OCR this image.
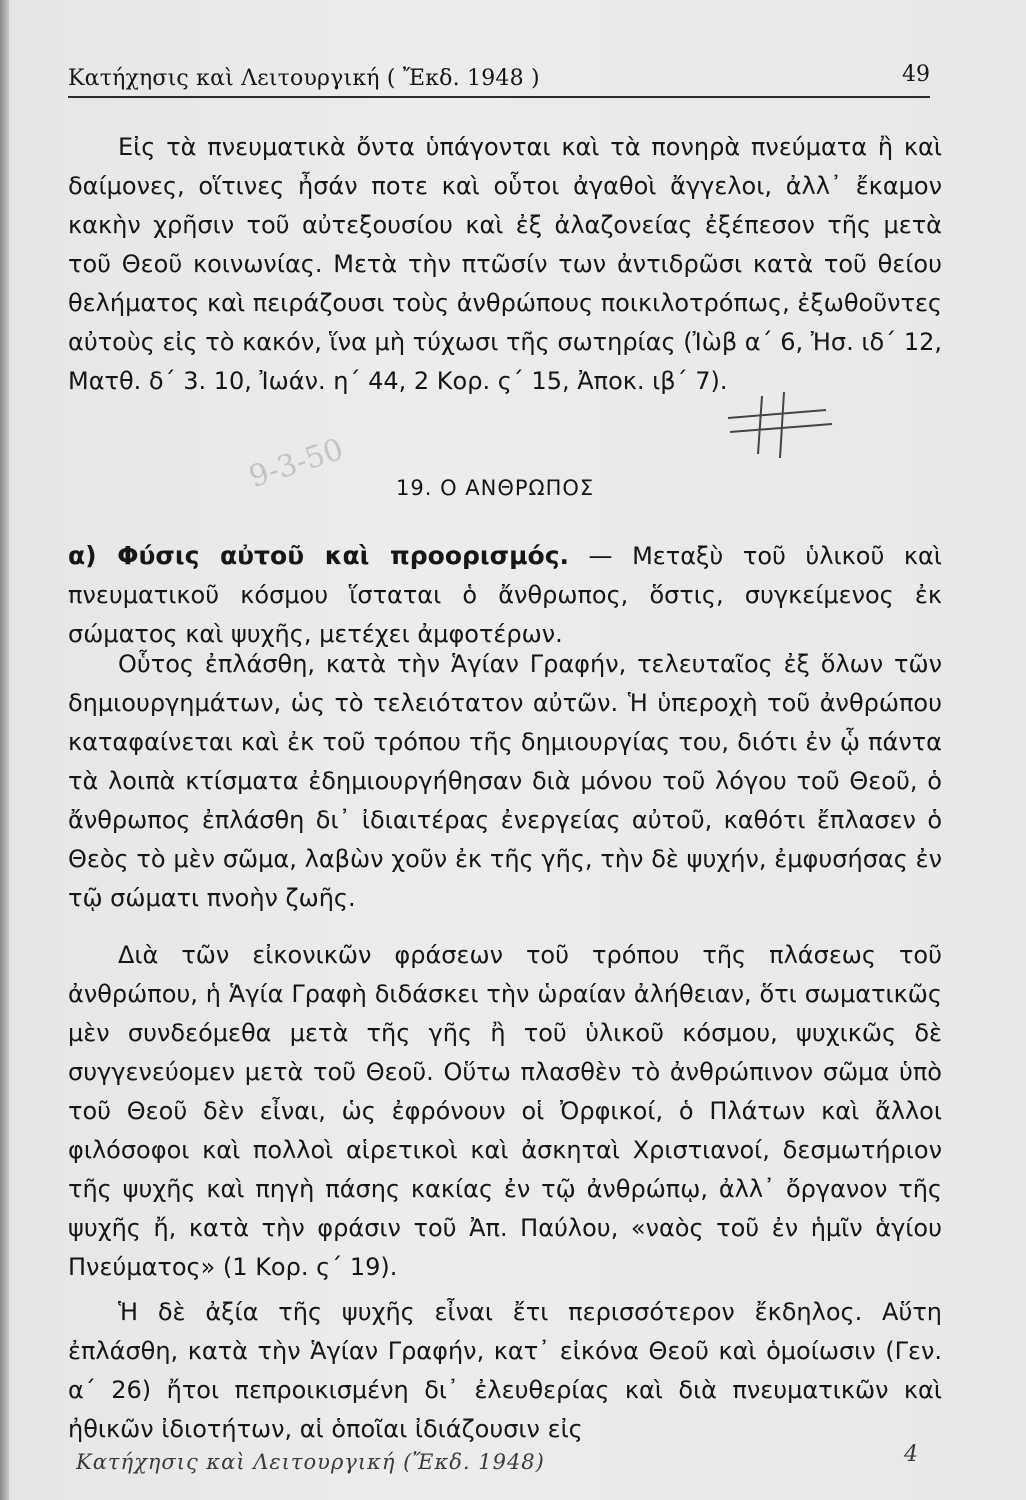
Κατήχησις καὶ Λειτουργική ( Ἔκδ. 1948 )	49
Εἰς τὰ πνευματικὰ ὄντα ὑπάγονται καὶ τὰ πονηρὰ πνεύματα ἢ καὶ δαίμονες, οἵτινες ἦσάν ποτε καὶ οὗτοι ἀγαθοὶ ἄγγελοι, ἀλλ᾽ ἔκαμον κακὴν χρῆσιν τοῦ αὐτεξουσίου καὶ ἐξ ἀλαζονείας ἐξέπεσον τῆς μετὰ τοῦ Θεοῦ κοινωνίας. Μετὰ τὴν πτῶσίν των ἀντιδρῶσι κατὰ τοῦ θείου θελήματος καὶ πειράζουσι τοὺς ἀνθρώπους ποικιλοτρόπως, ἐξωθοῦντες αὐτοὺς εἰς τὸ κακόν, ἵνα μὴ τύχωσι τῆς σωτηρίας (Ἰὼβ α΄ 6, Ἠσ. ιδ΄ 12, Ματθ. δ΄ 3. 10, Ἰωάν. η΄ 44, 2 Κορ. ς΄ 15, Ἀποκ. ιβ΄ 7).
9-3-50 19. Ο ΑΝΘΡΩΠΟΣ
α) Φύσις αὐτοῦ καὶ προορισμός. — Μεταξὺ τοῦ ὑλικοῦ καὶ πνευματικοῦ κόσμου ἵσταται ὁ ἄνθρωπος, ὅστις, συγκείμενος ἐκ σώματος καὶ ψυχῆς, μετέχει ἀμφοτέρων.
Οὗτος ἐπλάσθη, κατὰ τὴν Ἁγίαν Γραφήν, τελευταῖος ἐξ ὅλων τῶν δημιουργημάτων, ὡς τὸ τελειότατον αὐτῶν. Ἡ ὑπεροχὴ τοῦ ἀνθρώπου καταφαίνεται καὶ ἐκ τοῦ τρόπου τῆς δημιουργίας του, διότι ἐν ᾧ πάντα τὰ λοιπὰ κτίσματα ἐδημιουργήθησαν διὰ μόνου τοῦ λόγου τοῦ Θεοῦ, ὁ ἄνθρωπος ἐπλάσθη δι᾽ ἰδιαιτέρας ἐνεργείας αὐτοῦ, καθότι ἔπλασεν ὁ Θεὸς τὸ μὲν σῶμα, λαβὼν χοῦν ἐκ τῆς γῆς, τὴν δὲ ψυχήν, ἐμφυσήσας ἐν τῷ σώματι πνοὴν ζωῆς.
Διὰ τῶν εἰκονικῶν φράσεων τοῦ τρόπου τῆς πλάσεως τοῦ ἀνθρώπου, ἡ Ἁγία Γραφὴ διδάσκει τὴν ὡραίαν ἀλήθειαν, ὅτι σωματικῶς μὲν συνδεόμεθα μετὰ τῆς γῆς ἢ τοῦ ὑλικοῦ κόσμου, ψυχικῶς δὲ συγγενεύομεν μετὰ τοῦ Θεοῦ. Οὕτω πλασθὲν τὸ ἀνθρώπινον σῶμα ὑπὸ τοῦ Θεοῦ δὲν εἶναι, ὡς ἐφρόνουν οἱ Ὀρφικοί, ὁ Πλάτων καὶ ἄλλοι φιλόσοφοι καὶ πολλοὶ αἱρετικοὶ καὶ ἀσκηταὶ Χριστιανοί, δεσμωτήριον τῆς ψυχῆς καὶ πηγὴ πάσης κακίας ἐν τῷ ἀνθρώπῳ, ἀλλ᾽ ὄργανον τῆς ψυχῆς ἤ, κατὰ τὴν φράσιν τοῦ Ἀπ. Παύλου, «ναὸς τοῦ ἐν ἡμῖν ἁγίου Πνεύματος» (1 Κορ. ς΄ 19).
Ἡ δὲ ἀξία τῆς ψυχῆς εἶναι ἔτι περισσότερον ἔκδηλος. Αὕτη ἐπλάσθη, κατὰ τὴν Ἁγίαν Γραφήν, κατ᾽ εἰκόνα Θεοῦ καὶ ὁμοίωσιν (Γεν. α΄ 26) ἤτοι πεπροικισμένη δι᾽ ἐλευθερίας καὶ διὰ πνευματικῶν καὶ ἠθικῶν ἰδιοτήτων, αἱ ὁποῖαι ἰδιάζουσιν εἰς
Κατήχησις καὶ Λειτουργική (Ἔκδ. 1948)	4
